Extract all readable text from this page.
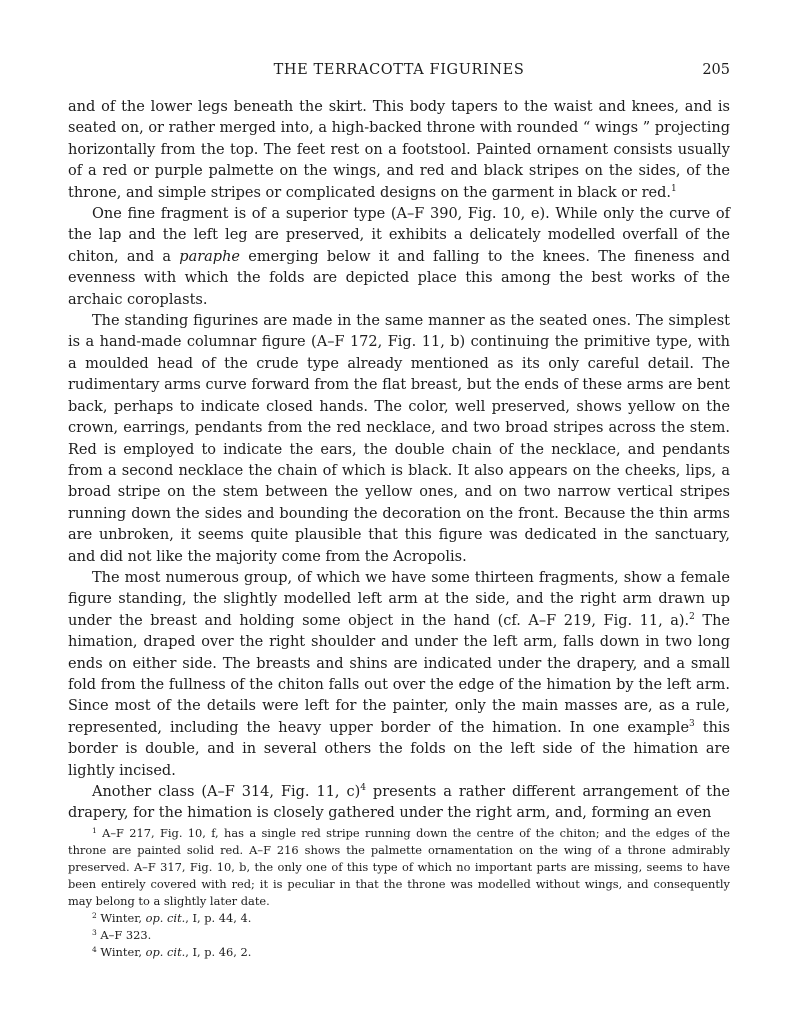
THE TERRACOTTA FIGURINES	205

and of the lower legs beneath the skirt. This body tapers to the waist and knees, and is seated on, or rather merged into, a high-backed throne with rounded “ wings ” projecting horizontally from the top. The feet rest on a footstool. Painted ornament consists usually of a red or purple palmette on the wings, and red and black stripes on the sides, of the throne, and simple stripes or complicated designs on the garment in black or red.$^1$

One fine fragment is of a superior type (A–F 390, Fig. 10, e). While only the curve of the lap and the left leg are preserved, it exhibits a delicately modelled overfall of the chiton, and a paraphe emerging below it and falling to the knees. The fineness and evenness with which the folds are depicted place this among the best works of the archaic coroplasts.

The standing figurines are made in the same manner as the seated ones. The simplest is a hand-made columnar figure (A–F 172, Fig. 11, b) continuing the primitive type, with a moulded head of the crude type already mentioned as its only careful detail. The rudimentary arms curve forward from the flat breast, but the ends of these arms are bent back, perhaps to indicate closed hands. The color, well preserved, shows yellow on the crown, earrings, pendants from the red necklace, and two broad stripes across the stem. Red is employed to indicate the ears, the double chain of the necklace, and pendants from a second necklace the chain of which is black. It also appears on the cheeks, lips, a broad stripe on the stem between the yellow ones, and on two narrow vertical stripes running down the sides and bounding the decoration on the front. Because the thin arms are unbroken, it seems quite plausible that this figure was dedicated in the sanctuary, and did not like the majority come from the Acropolis.

The most numerous group, of which we have some thirteen fragments, show a female figure standing, the slightly modelled left arm at the side, and the right arm drawn up under the breast and holding some object in the hand (cf. A–F 219, Fig. 11, a).$^2$ The himation, draped over the right shoulder and under the left arm, falls down in two long ends on either side. The breasts and shins are indicated under the drapery, and a small fold from the fullness of the chiton falls out over the edge of the himation by the left arm. Since most of the details were left for the painter, only the main masses are, as a rule, represented, including the heavy upper border of the himation. In one example$^3$ this border is double, and in several others the folds on the left side of the himation are lightly incised.

Another class (A–F 314, Fig. 11, c)$^4$ presents a rather different arrangement of the drapery, for the himation is closely gathered under the right arm, and, forming an even

$^1$ A–F 217, Fig. 10, f, has a single red stripe running down the centre of the chiton; and the edges of the throne are painted solid red. A–F 216 shows the palmette ornamentation on the wing of a throne admirably preserved. A–F 317, Fig. 10, b, the only one of this type of which no important parts are missing, seems to have been entirely covered with red; it is peculiar in that the throne was modelled without wings, and consequently may belong to a slightly later date.

$^2$ Winter, op. cit., I, p. 44, 4.

$^3$ A–F 323.

$^4$ Winter, op. cit., I, p. 46, 2.
